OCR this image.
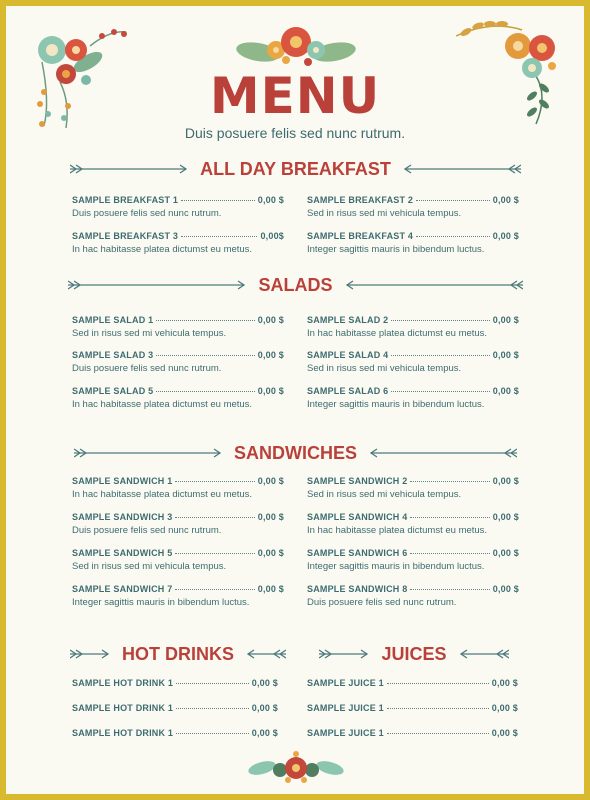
MENU
Duis posuere felis sed nunc rutrum.
ALL DAY BREAKFAST
SAMPLE BREAKFAST 1	0,00 $
Duis posuere felis sed nunc rutrum.
SAMPLE BREAKFAST 2	0,00 $
Sed in risus sed mi vehicula tempus.
SAMPLE BREAKFAST 3	0,00$
In hac habitasse platea dictumst eu metus.
SAMPLE BREAKFAST 4	0,00 $
Integer sagittis mauris in bibendum luctus.
SALADS
SAMPLE SALAD 1	0,00 $
Sed in risus sed mi vehicula tempus.
SAMPLE SALAD 2	0,00 $
In hac habitasse platea dictumst eu metus.
SAMPLE SALAD 3	0,00 $
Duis posuere felis sed nunc rutrum.
SAMPLE SALAD 4	0,00 $
Sed in risus sed mi vehicula tempus.
SAMPLE SALAD 5	0,00 $
In hac habitasse platea dictumst eu metus.
SAMPLE SALAD 6	0,00 $
Integer sagittis mauris in bibendum luctus.
SANDWICHES
SAMPLE SANDWICH 1	0,00 $
In hac habitasse platea dictumst eu metus.
SAMPLE SANDWICH 2	0,00 $
Sed in risus sed mi vehicula tempus.
SAMPLE SANDWICH 3	0,00 $
Duis posuere felis sed nunc rutrum.
SAMPLE SANDWICH 4	0,00 $
In hac habitasse platea dictumst eu metus.
SAMPLE SANDWICH 5	0,00 $
Sed in risus sed mi vehicula tempus.
SAMPLE SANDWICH 6	0,00 $
Integer sagittis mauris in bibendum luctus.
SAMPLE SANDWICH 7	0,00 $
Integer sagittis mauris in bibendum luctus.
SAMPLE SANDWICH 8	0,00 $
Duis posuere felis sed nunc rutrum.
HOT DRINKS	JUICES
SAMPLE HOT DRINK 1	0,00 $
SAMPLE HOT DRINK 1	0,00 $
SAMPLE HOT DRINK 1	0,00 $
SAMPLE JUICE 1	0,00 $
SAMPLE JUICE 1	0,00 $
SAMPLE JUICE 1	0,00 $
